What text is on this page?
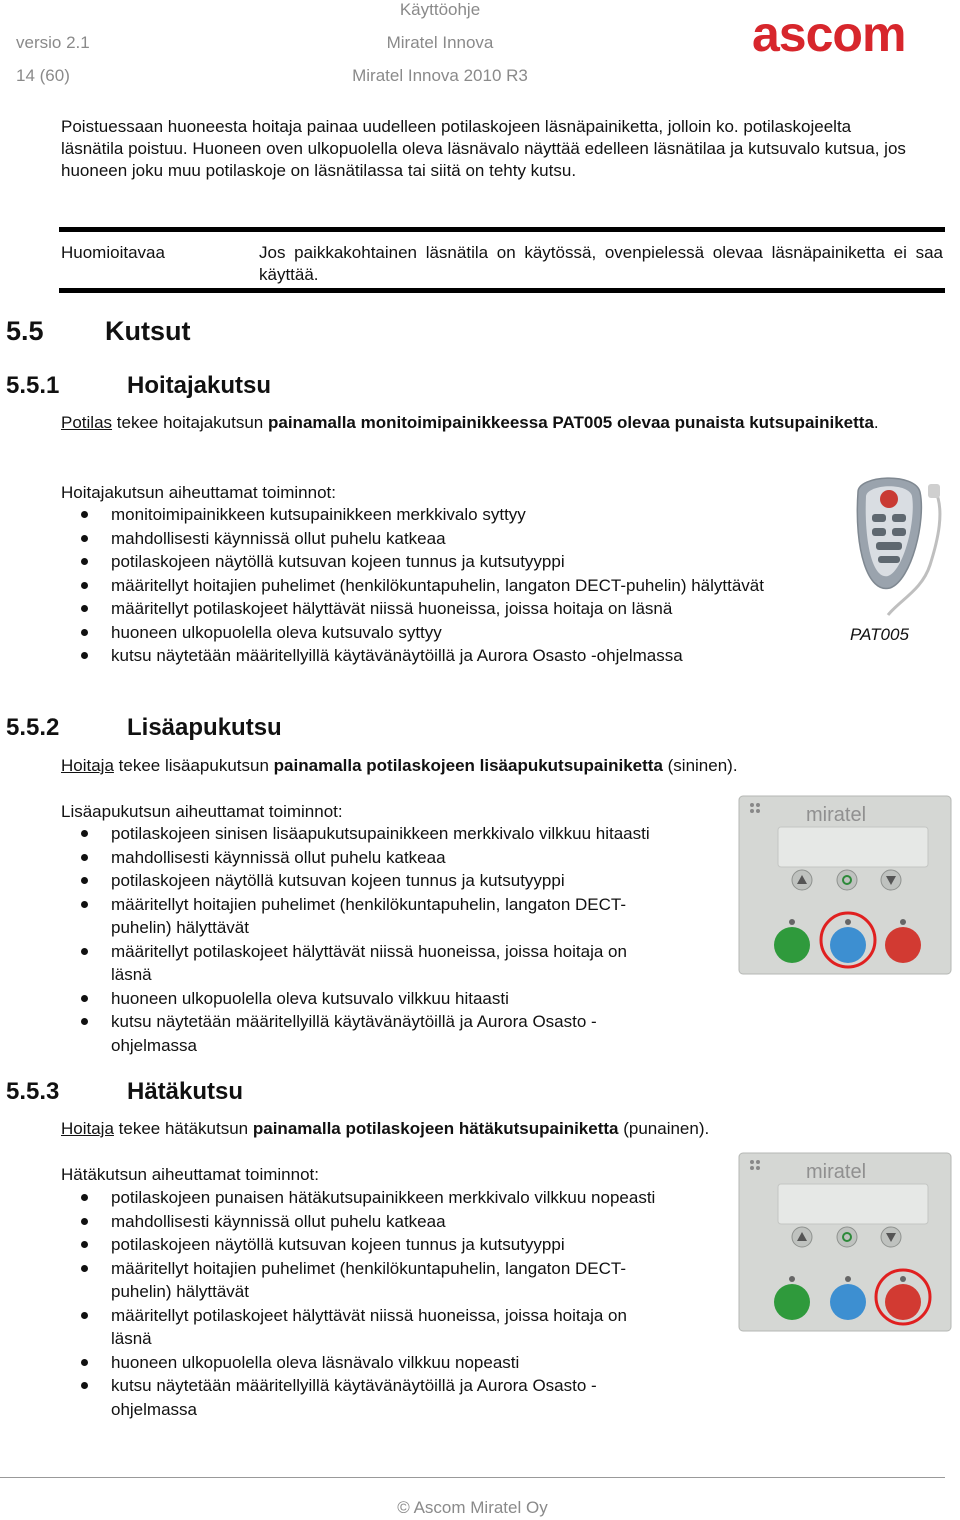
versio 2.1
14 (60)
Käyttöohje
Miratel Innova
Miratel Innova 2010 R3
ascom
Poistuessaan huoneesta hoitaja painaa uudelleen potilaskojeen läsnäpainiketta, jolloin ko. potilaskojeelta läsnätila poistuu. Huoneen oven ulkopuolella oleva läsnävalo näyttää edelleen läsnätilaa ja kutsuvalo kutsua, jos huoneen joku muu potilaskoje on läsnätilassa tai siitä on tehty kutsu.
Huomioitavaa	Jos paikkakohtainen läsnätila on käytössä, ovenpielessä olevaa läsnäpainiketta ei saa käyttää.
5.5 Kutsut
5.5.1	Hoitajakutsu
Potilas tekee hoitajakutsun painamalla monitoimipainikkeessa PAT005 olevaa punaista kutsupainiketta.
Hoitajakutsun aiheuttamat toiminnot:
monitoimipainikkeen kutsupainikkeen merkkivalo syttyy
mahdollisesti käynnissä ollut puhelu katkeaa
potilaskojeen näytöllä kutsuvan kojeen tunnus ja kutsutyyppi
määritellyt hoitajien puhelimet (henkilökuntapuhelin, langaton DECT-puhelin) hälyttävät
määritellyt potilaskojeet hälyttävät niissä huoneissa, joissa hoitaja on läsnä
huoneen ulkopuolella oleva kutsuvalo syttyy
kutsu näytetään määritellyillä käytävänäytöillä ja Aurora Osasto -ohjelmassa
PAT005
5.5.2	Lisäapukutsu
Hoitaja tekee lisäapukutsun painamalla potilaskojeen lisäapukutsupainiketta (sininen).
Lisäapukutsun aiheuttamat toiminnot:
potilaskojeen sinisen lisäapukutsupainikkeen merkkivalo vilkkuu hitaasti
mahdollisesti käynnissä ollut puhelu katkeaa
potilaskojeen näytöllä kutsuvan kojeen tunnus ja kutsutyyppi
määritellyt hoitajien puhelimet (henkilökuntapuhelin, langaton DECT-puhelin) hälyttävät
määritellyt potilaskojeet hälyttävät niissä huoneissa, joissa hoitaja on läsnä
huoneen ulkopuolella oleva kutsuvalo vilkkuu hitaasti
kutsu näytetään määritellyillä käytävänäytöillä ja Aurora Osasto -ohjelmassa
miratel
5.5.3	Hätäkutsu
Hoitaja tekee hätäkutsun painamalla potilaskojeen hätäkutsupainiketta (punainen).
Hätäkutsun aiheuttamat toiminnot:
potilaskojeen punaisen hätäkutsupainikkeen merkkivalo vilkkuu nopeasti
mahdollisesti käynnissä ollut puhelu katkeaa
potilaskojeen näytöllä kutsuvan kojeen tunnus ja kutsutyyppi
määritellyt hoitajien puhelimet (henkilökuntapuhelin, langaton DECT-puhelin) hälyttävät
määritellyt potilaskojeet hälyttävät niissä huoneissa, joissa hoitaja on läsnä
huoneen ulkopuolella oleva läsnävalo vilkkuu nopeasti
kutsu näytetään määritellyillä käytävänäytöillä ja Aurora Osasto -ohjelmassa
miratel
© Ascom Miratel Oy
